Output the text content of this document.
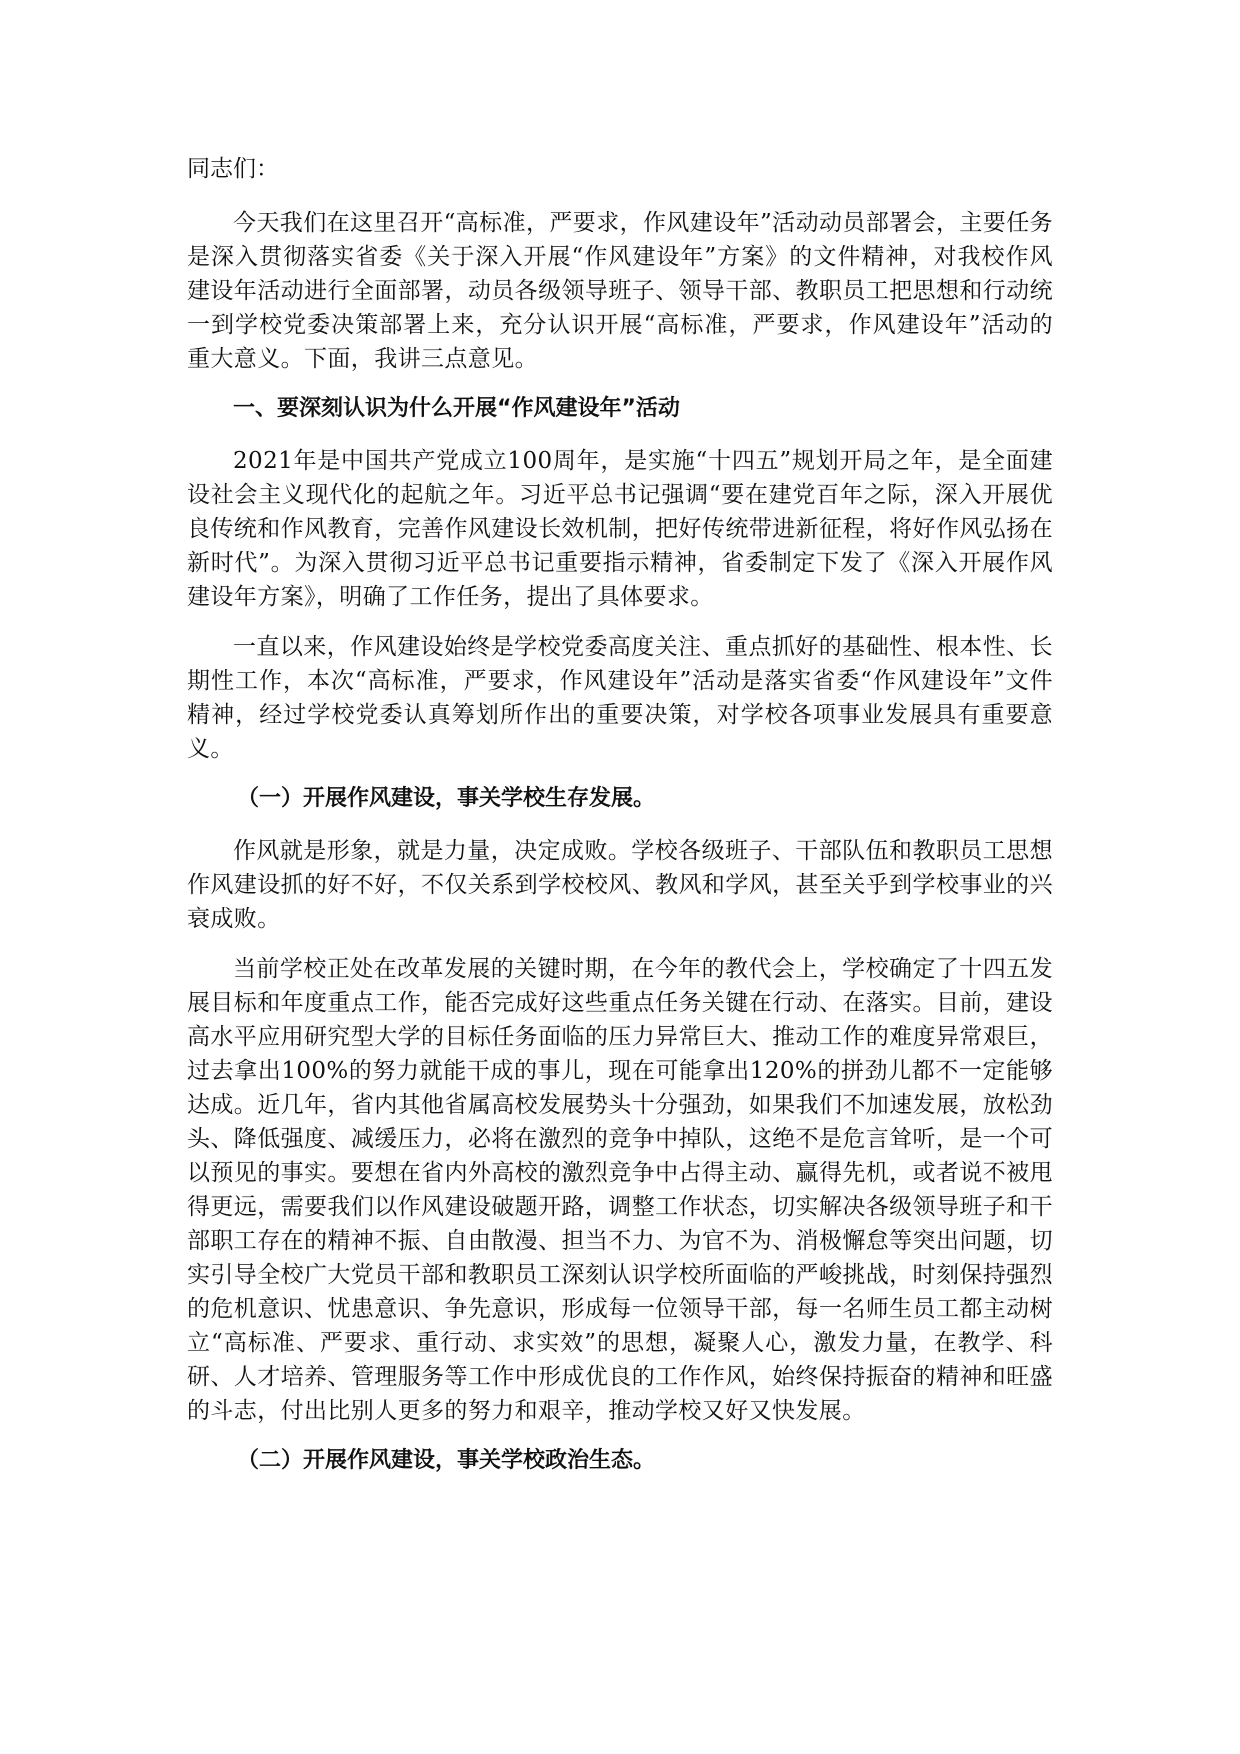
同志们：

今天我们在这里召开“高标准，严要求，作风建设年”活动动员部署会，主要任务是深入贯彻落实省委《关于深入开展“作风建设年”方案》的文件精神，对我校作风建设年活动进行全面部署，动员各级领导班子、领导干部、教职员工把思想和行动统一到学校党委决策部署上来，充分认识开展“高标准，严要求，作风建设年”活动的重大意义。下面，我讲三点意见。

一、要深刻认识为什么开展“作风建设年”活动

2021年是中国共产党成立100周年，是实施“十四五”规划开局之年，是全面建设社会主义现代化的起航之年。习近平总书记强调“要在建党百年之际，深入开展优良传统和作风教育，完善作风建设长效机制，把好传统带进新征程，将好作风弘扬在新时代”。为深入贯彻习近平总书记重要指示精神，省委制定下发了《深入开展作风建设年方案》，明确了工作任务，提出了具体要求。

一直以来，作风建设始终是学校党委高度关注、重点抓好的基础性、根本性、长期性工作，本次“高标准，严要求，作风建设年”活动是落实省委“作风建设年”文件精神，经过学校党委认真筹划所作出的重要决策，对学校各项事业发展具有重要意义。

（一）开展作风建设，事关学校生存发展。

作风就是形象，就是力量，决定成败。学校各级班子、干部队伍和教职员工思想作风建设抓的好不好，不仅关系到学校校风、教风和学风，甚至关乎到学校事业的兴衰成败。

当前学校正处在改革发展的关键时期，在今年的教代会上，学校确定了十四五发展目标和年度重点工作，能否完成好这些重点任务关键在行动、在落实。目前，建设高水平应用研究型大学的目标任务面临的压力异常巨大、推动工作的难度异常艰巨，过去拿出100%的努力就能干成的事儿，现在可能拿出120%的拼劲儿都不一定能够达成。近几年，省内其他省属高校发展势头十分强劲，如果我们不加速发展，放松劲头、降低强度、减缓压力，必将在激烈的竞争中掉队，这绝不是危言耸听，是一个可以预见的事实。要想在省内外高校的激烈竞争中占得主动、赢得先机，或者说不被甩得更远，需要我们以作风建设破题开路，调整工作状态，切实解决各级领导班子和干部职工存在的精神不振、自由散漫、担当不力、为官不为、消极懈怠等突出问题，切实引导全校广大党员干部和教职员工深刻认识学校所面临的严峻挑战，时刻保持强烈的危机意识、忧患意识、争先意识，形成每一位领导干部，每一名师生员工都主动树立“高标准、严要求、重行动、求实效”的思想，凝聚人心，激发力量，在教学、科研、人才培养、管理服务等工作中形成优良的工作作风，始终保持振奋的精神和旺盛的斗志，付出比别人更多的努力和艰辛，推动学校又好又快发展。

（二）开展作风建设，事关学校政治生态。
